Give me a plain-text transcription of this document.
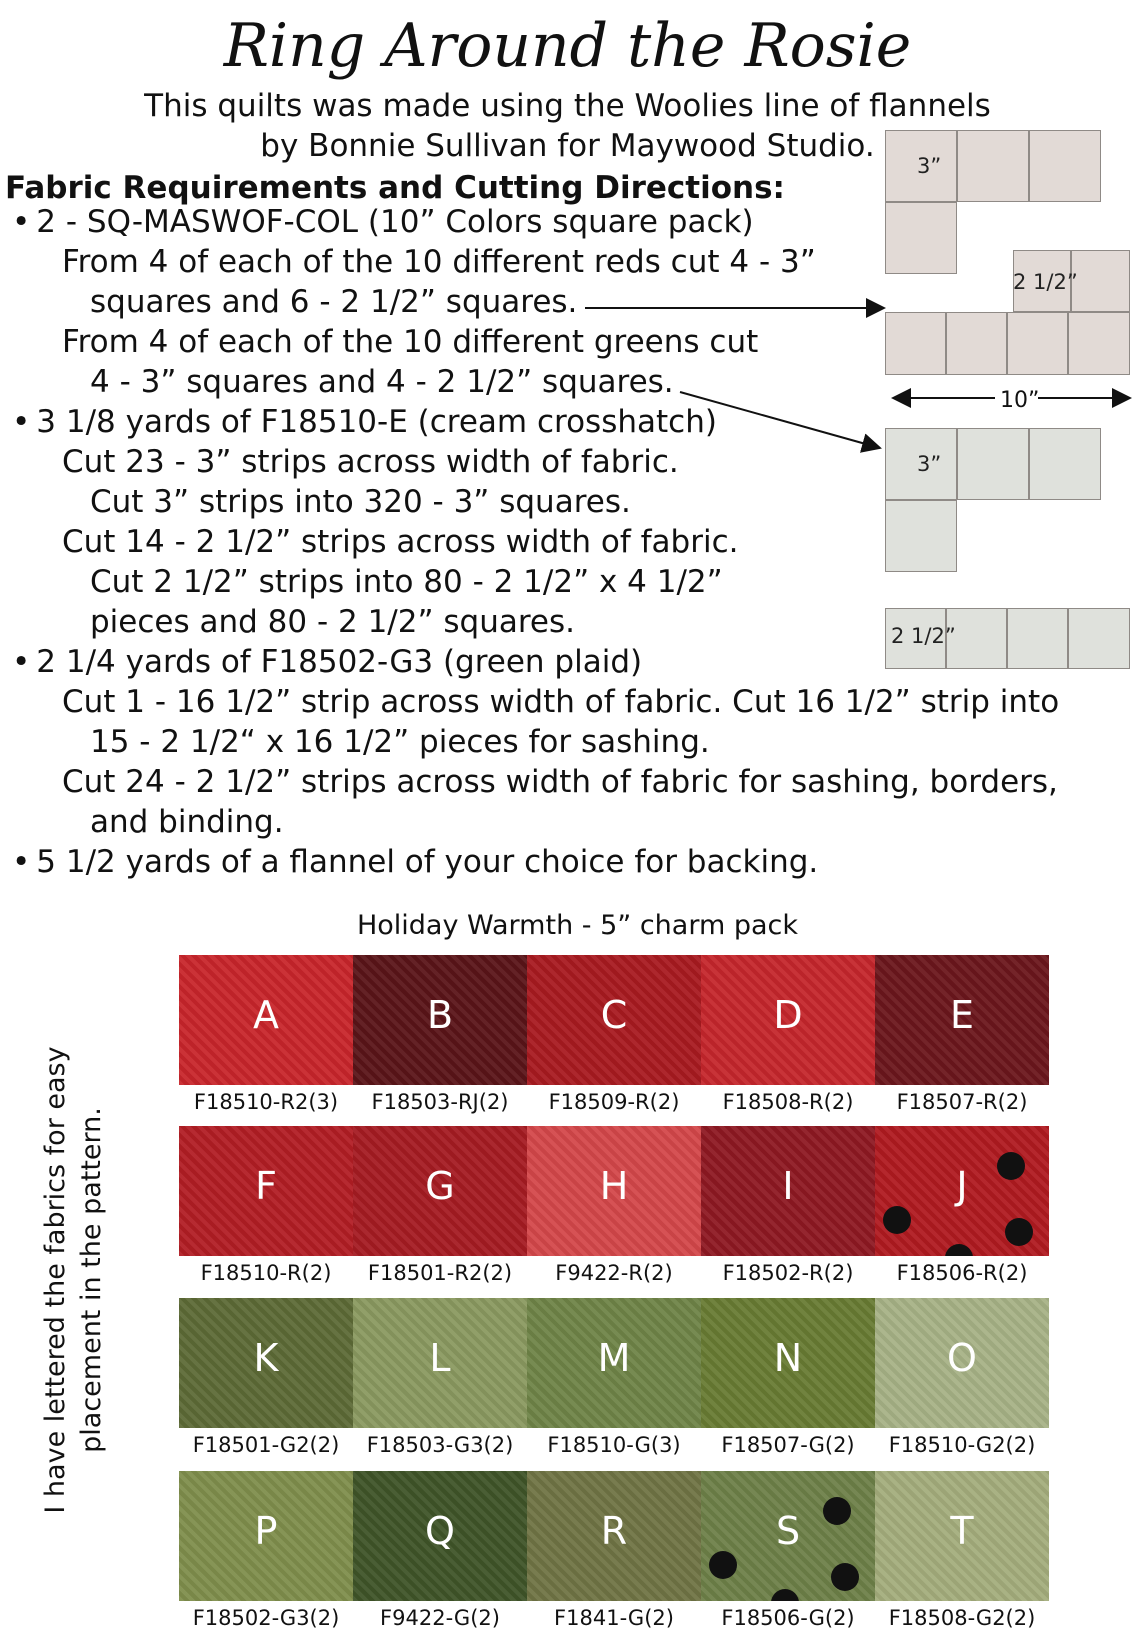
Ring Around the Rosie
This quilts was made using the Woolies line of flannels
by Bonnie Sullivan for Maywood Studio.
Fabric Requirements and Cutting Directions:
• 2 - SQ-MASWOF-COL (10” Colors square pack)
From 4 of each of the 10 different reds cut 4 - 3”
squares and 6 - 2 1/2” squares.
From 4 of each of the 10 different greens cut
4 - 3” squares and 4 - 2 1/2” squares.
• 3 1/8 yards of F18510-E (cream crosshatch)
Cut 23 - 3” strips across width of fabric.
Cut 3” strips into 320 - 3” squares.
Cut 14 - 2 1/2” strips across width of fabric.
Cut 2 1/2” strips into 80 - 2 1/2” x 4 1/2”
pieces and 80 - 2 1/2” squares.
• 2 1/4 yards of F18502-G3 (green plaid)
Cut 1 - 16 1/2” strip across width of fabric. Cut 16 1/2” strip into
15 - 2 1/2“ x 16 1/2” pieces for sashing.
Cut 24 - 2 1/2” strips across width of fabric for sashing, borders,
and binding.
• 5 1/2 yards of a flannel of your choice for backing.
3”
2 1/2”
10”
3”
2 1/2”
Holiday Warmth - 5” charm pack
I have lettered the fabrics for easy placement in the pattern.
A
F18510-R2(3)
B
F18503-RJ(2)
C
F18509-R(2)
D
F18508-R(2)
E
F18507-R(2)
F
F18510-R(2)
G
F18501-R2(2)
H
F9422-R(2)
I
F18502-R(2)
J
F18506-R(2)
K
F18501-G2(2)
L
F18503-G3(2)
M
F18510-G(3)
N
F18507-G(2)
O
F18510-G2(2)
P
F18502-G3(2)
Q
F9422-G(2)
R
F1841-G(2)
S
F18506-G(2)
T
F18508-G2(2)
